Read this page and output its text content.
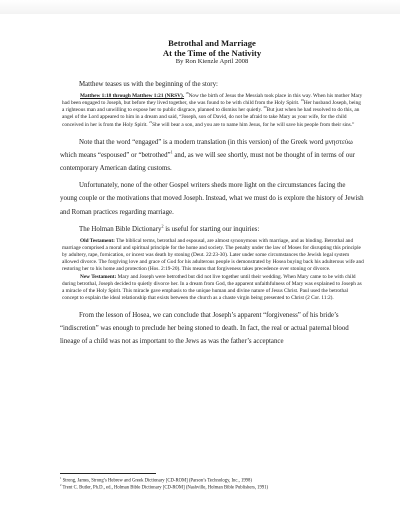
Betrothal and Marriage

At the Time of the Nativity

By Ron Kienzle April 2008

Matthew teases us with the beginning of the story:

Matthew 1:18 through Matthew 1:21 (NRSV). $^{18}$Now the birth of Jesus the Messiah took place in this way. When his mother Mary had been engaged to Joseph, but before they lived together, she was found to be with child from the Holy Spirit. $^{19}$Her husband Joseph, being a righteous man and unwilling to expose her to public disgrace, planned to dismiss her quietly. $^{20}$But just when he had resolved to do this, an angel of the Lord appeared to him in a dream and said, “Joseph, son of David, do not be afraid to take Mary as your wife, for the child conceived in her is from the Holy Spirit. $^{21}$She will bear a son, and you are to name him Jesus, for he will save his people from their sins.”

Note that the word “engaged” is a modern translation (in this version) of the Greek word μνηστεύω which means “espoused” or “betrothed”$^1$ and, as we will see shortly, must not be thought of in terms of our contemporary American dating customs.

Unfortunately, none of the other Gospel writers sheds more light on the circumstances facing the young couple or the motivations that moved Joseph. Instead, what we must do is explore the history of Jewish and Roman practices regarding marriage.

The Holman Bible Dictionary$^2$ is useful for starting our inquiries:

Old Testament: The biblical terms, betrothal and espousal, are almost synonymous with marriage, and as binding. Betrothal and marriage comprised a moral and spiritual principle for the home and society. The penalty under the law of Moses for disrupting this principle by adultery, rape, fornication, or incest was death by stoning (Deut. 22:23-30). Later under some circumstances the Jewish legal system allowed divorce. The forgiving love and grace of God for his adulterous people is demonstrated by Hosea buying back his adulterous wife and restoring her to his home and protection (Hos. 2:19-20). This means that forgiveness takes precedence over stoning or divorce.

New Testament: Mary and Joseph were betrothed but did not live together until their wedding. When Mary came to be with child during betrothal, Joseph decided to quietly divorce her. In a dream from God, the apparent unfaithfulness of Mary was explained to Joseph as a miracle of the Holy Spirit. This miracle gave emphasis to the unique human and divine nature of Jesus Christ. Paul used the betrothal concept to explain the ideal relationship that exists between the church as a chaste virgin being presented to Christ (2 Cor. 11:2).

From the lesson of Hosea, we can conclude that Joseph’s apparent “forgiveness” of his bride’s “indiscretion” was enough to preclude her being stoned to death. In fact, the real or actual paternal blood lineage of a child was not as important to the Jews as was the father’s acceptance

$^1$ Strong, James, Strong’s Hebrew and Greek Dictionary [CD-ROM] (Parson’s Technology, Inc., 1998)

$^2$ Trent C. Butler, Ph.D., ed., Holman Bible Dictionary [CD-ROM] (Nashville, Holman Bible Publishers, 1991)
